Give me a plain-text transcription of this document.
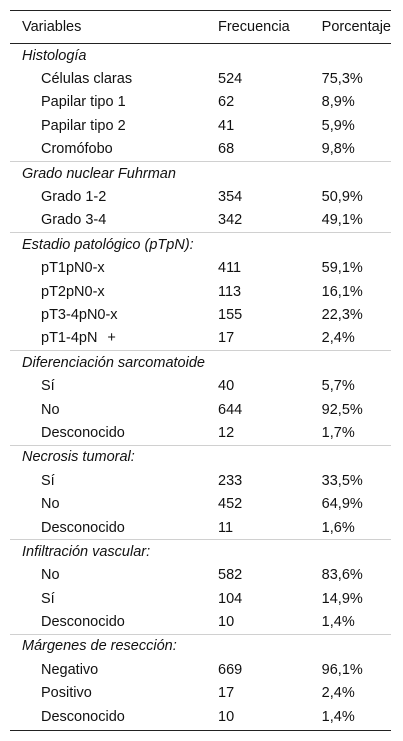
Variables	Frecuencia	Porcentaje
Histología		
Células claras	524	75,3%
Papilar tipo 1	62	8,9%
Papilar tipo 2	41	5,9%
Cromófobo	68	9,8%
Grado nuclear Fuhrman		
Grado 1-2	354	50,9%
Grado 3-4	342	49,1%
Estadio patológico (pTpN):		
pT1pN0-x	411	59,1%
pT2pN0-x	113	16,1%
pT3-4pN0-x	155	22,3%
pT1-4pN +	17	2,4%
Diferenciación sarcomatoide		
Sí	40	5,7%
No	644	92,5%
Desconocido	12	1,7%
Necrosis tumoral:		
Sí	233	33,5%
No	452	64,9%
Desconocido	11	1,6%
Infiltración vascular:		
No	582	83,6%
Sí	104	14,9%
Desconocido	10	1,4%
Márgenes de resección:		
Negativo	669	96,1%
Positivo	17	2,4%
Desconocido	10	1,4%
